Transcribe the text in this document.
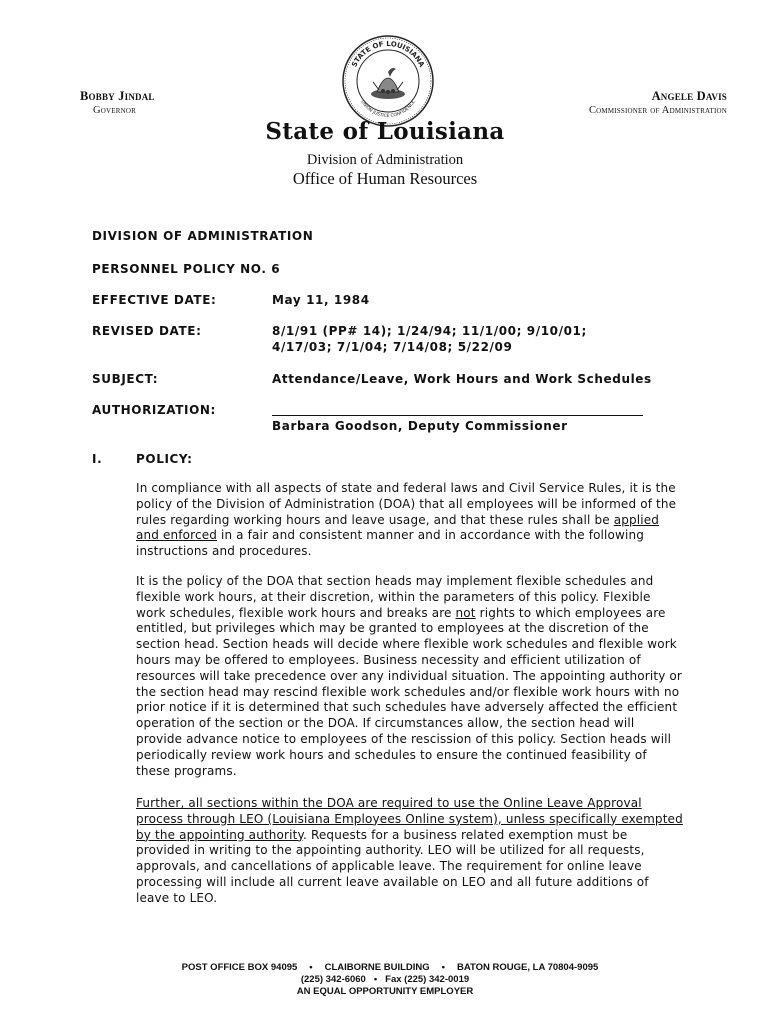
STATE OF LOUISIANA
UNION JUSTICE CONFIDENCE
Bobby Jindal
Governor
Angele Davis
Commissioner of Administration
State of Louisiana
Division of Administration
Office of Human Resources
DIVISION OF ADMINISTRATION
PERSONNEL POLICY NO. 6
EFFECTIVE DATE:	May 11, 1984
REVISED DATE:	8/1/91 (PP# 14); 1/24/94; 11/1/00; 9/10/01;
4/17/03; 7/1/04; 7/14/08; 5/22/09
SUBJECT:	Attendance/Leave, Work Hours and Work Schedules
AUTHORIZATION:
Barbara Goodson, Deputy Commissioner
I.	POLICY:

In compliance with all aspects of state and federal laws and Civil Service Rules, it is the policy of the Division of Administration (DOA) that all employees will be informed of the rules regarding working hours and leave usage, and that these rules shall be applied and enforced in a fair and consistent manner and in accordance with the following instructions and procedures.

It is the policy of the DOA that section heads may implement flexible schedules and flexible work hours, at their discretion, within the parameters of this policy. Flexible work schedules, flexible work hours and breaks are not rights to which employees are entitled, but privileges which may be granted to employees at the discretion of the section head. Section heads will decide where flexible work schedules and flexible work hours may be offered to employees. Business necessity and efficient utilization of resources will take precedence over any individual situation. The appointing authority or the section head may rescind flexible work schedules and/or flexible work hours with no prior notice if it is determined that such schedules have adversely affected the efficient operation of the section or the DOA. If circumstances allow, the section head will provide advance notice to employees of the rescission of this policy. Section heads will periodically review work hours and schedules to ensure the continued feasibility of these programs.

Further, all sections within the DOA are required to use the Online Leave Approval process through LEO (Louisiana Employees Online system), unless specifically exempted by the appointing authority. Requests for a business related exemption must be provided in writing to the appointing authority. LEO will be utilized for all requests, approvals, and cancellations of applicable leave. The requirement for online leave processing will include all current leave available on LEO and all future additions of leave to LEO.

POST OFFICE BOX 94095 • CLAIBORNE BUILDING • BATON ROUGE, LA 70804-9095
(225) 342-6060 • Fax (225) 342-0019
AN EQUAL OPPORTUNITY EMPLOYER
